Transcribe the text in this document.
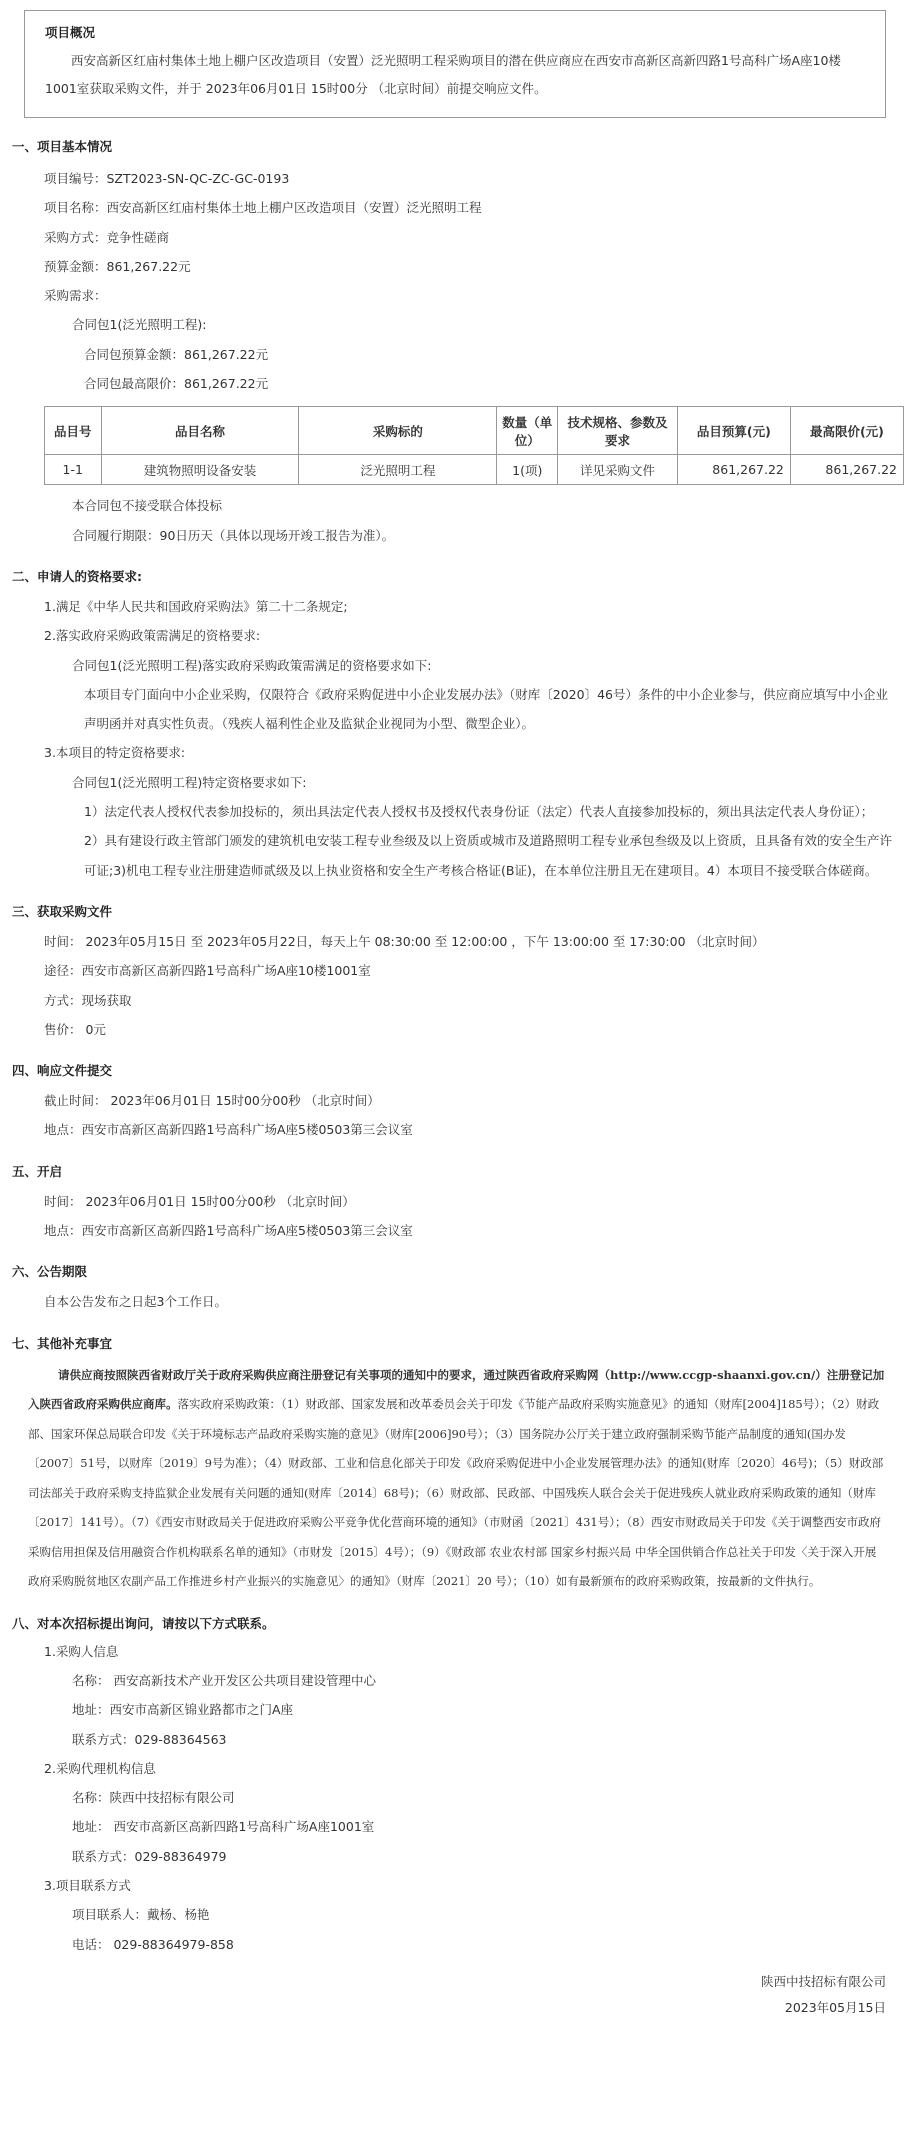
项目概况
西安高新区红庙村集体土地上棚户区改造项目（安置）泛光照明工程采购项目的潜在供应商应在西安市高新区高新四路1号高科广场A座10楼1001室获取采购文件，并于 2023年06月01日 15时00分 （北京时间）前提交响应文件。
一、项目基本情况
项目编号：SZT2023-SN-QC-ZC-GC-0193
项目名称：西安高新区红庙村集体土地上棚户区改造项目（安置）泛光照明工程
采购方式：竞争性磋商
预算金额：861,267.22元
采购需求：
合同包1(泛光照明工程):
合同包预算金额：861,267.22元
合同包最高限价：861,267.22元
品目号	品目名称	采购标的	数量（单位）	技术规格、参数及要求	品目预算(元)	最高限价(元)
1-1	建筑物照明设备安装	泛光照明工程	1(项)	详见采购文件	861,267.22	861,267.22
本合同包不接受联合体投标
合同履行期限：90日历天（具体以现场开竣工报告为准）。
二、申请人的资格要求:
1.满足《中华人民共和国政府采购法》第二十二条规定;
2.落实政府采购政策需满足的资格要求:
合同包1(泛光照明工程)落实政府采购政策需满足的资格要求如下:
本项目专门面向中小企业采购，仅限符合《政府采购促进中小企业发展办法》（财库〔2020〕46号）条件的中小企业参与，供应商应填写中小企业声明函并对真实性负责。（残疾人福利性企业及监狱企业视同为小型、微型企业）。
3.本项目的特定资格要求:
合同包1(泛光照明工程)特定资格要求如下:
1）法定代表人授权代表参加投标的，须出具法定代表人授权书及授权代表身份证（法定）代表人直接参加投标的，须出具法定代表人身份证）；
2）具有建设行政主管部门颁发的建筑机电安装工程专业叁级及以上资质或城市及道路照明工程专业承包叁级及以上资质，且具备有效的安全生产许可证;3)机电工程专业注册建造师贰级及以上执业资格和安全生产考核合格证(B证)，在本单位注册且无在建项目。4）本项目不接受联合体磋商。
三、获取采购文件
时间： 2023年05月15日 至 2023年05月22日，每天上午 08:30:00 至 12:00:00 ，下午 13:00:00 至 17:30:00 （北京时间）
途径：西安市高新区高新四路1号高科广场A座10楼1001室
方式：现场获取
售价： 0元
四、响应文件提交
截止时间： 2023年06月01日 15时00分00秒 （北京时间）
地点：西安市高新区高新四路1号高科广场A座5楼0503第三会议室
五、开启
时间： 2023年06月01日 15时00分00秒 （北京时间）
地点：西安市高新区高新四路1号高科广场A座5楼0503第三会议室
六、公告期限
自本公告发布之日起3个工作日。
七、其他补充事宜
请供应商按照陕西省财政厅关于政府采购供应商注册登记有关事项的通知中的要求，通过陕西省政府采购网（http://www.ccgp-shaanxi.gov.cn/）注册登记加入陕西省政府采购供应商库。落实政府采购政策：（1）财政部、国家发展和改革委员会关于印发《节能产品政府采购实施意见》的通知（财库[2004]185号）；（2）财政部、国家环保总局联合印发《关于环境标志产品政府采购实施的意见》（财库[2006]90号）；（3）国务院办公厅关于建立政府强制采购节能产品制度的通知(国办发〔2007〕51号，以财库〔2019〕9号为准）；（4）财政部、工业和信息化部关于印发《政府采购促进中小企业发展管理办法》的通知(财库〔2020〕46号)；（5）财政部 司法部关于政府采购支持监狱企业发展有关问题的通知(财库〔2014〕68号)；（6）财政部、民政部、中国残疾人联合会关于促进残疾人就业政府采购政策的通知（财库〔2017〕141号）。（7）《西安市财政局关于促进政府采购公平竞争优化营商环境的通知》（市财函〔2021〕431号）；（8）西安市财政局关于印发《关于调整西安市政府采购信用担保及信用融资合作机构联系名单的通知》（市财发〔2015〕4号）；（9）《财政部 农业农村部 国家乡村振兴局 中华全国供销合作总社关于印发〈关于深入开展政府采购脱贫地区农副产品工作推进乡村产业振兴的实施意见〉的通知》（财库〔2021〕20 号）；（10）如有最新颁布的政府采购政策，按最新的文件执行。
八、对本次招标提出询问，请按以下方式联系。
1.采购人信息
名称： 西安高新技术产业开发区公共项目建设管理中心
地址：西安市高新区锦业路都市之门A座
联系方式：029-88364563
2.采购代理机构信息
名称：陕西中技招标有限公司
地址： 西安市高新区高新四路1号高科广场A座1001室
联系方式：029-88364979
3.项目联系方式
项目联系人：戴杨、杨艳
电话： 029-88364979-858
陕西中技招标有限公司
2023年05月15日
